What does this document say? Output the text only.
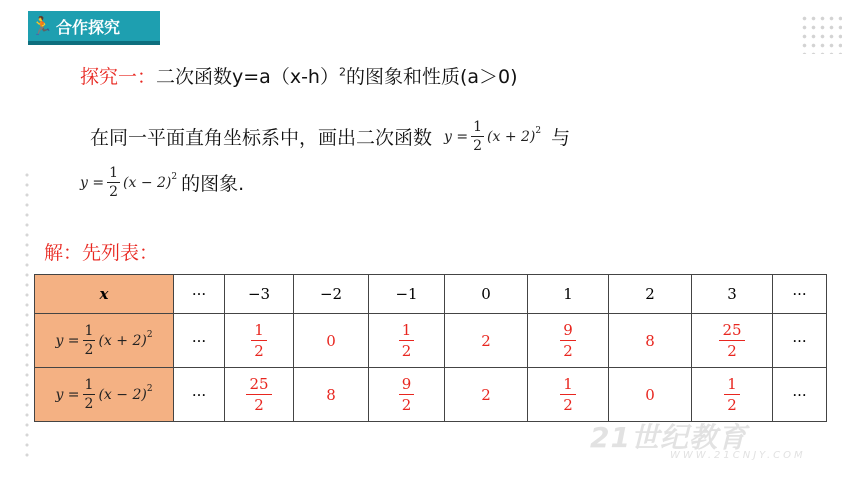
🏃 合作探究
探究一：二次函数$y=a(x-h)^2$的图象和性质(a＞0)
在同一平面直角坐标系中，画出二次函数 $y = \frac{1}{2} (x + 2)^2$ 与
$y = \frac{1}{2} (x - 2)^2$ 的图象.
解：先列表：
x	···	−3	−2	−1	0	1	2	3	···

$y = \frac{1}{2} (x + 2)^2$	···	$\frac{1}{2}$	0	$\frac{1}{2}$	2	$\frac{9}{2}$	8	$\frac{25}{2}$	···

$y = \frac{1}{2} (x - 2)^2$	···	$\frac{25}{2}$	8	$\frac{9}{2}$	2	$\frac{1}{2}$	0	$\frac{1}{2}$	···
21世纪教育
WWW.21CNJY.COM
